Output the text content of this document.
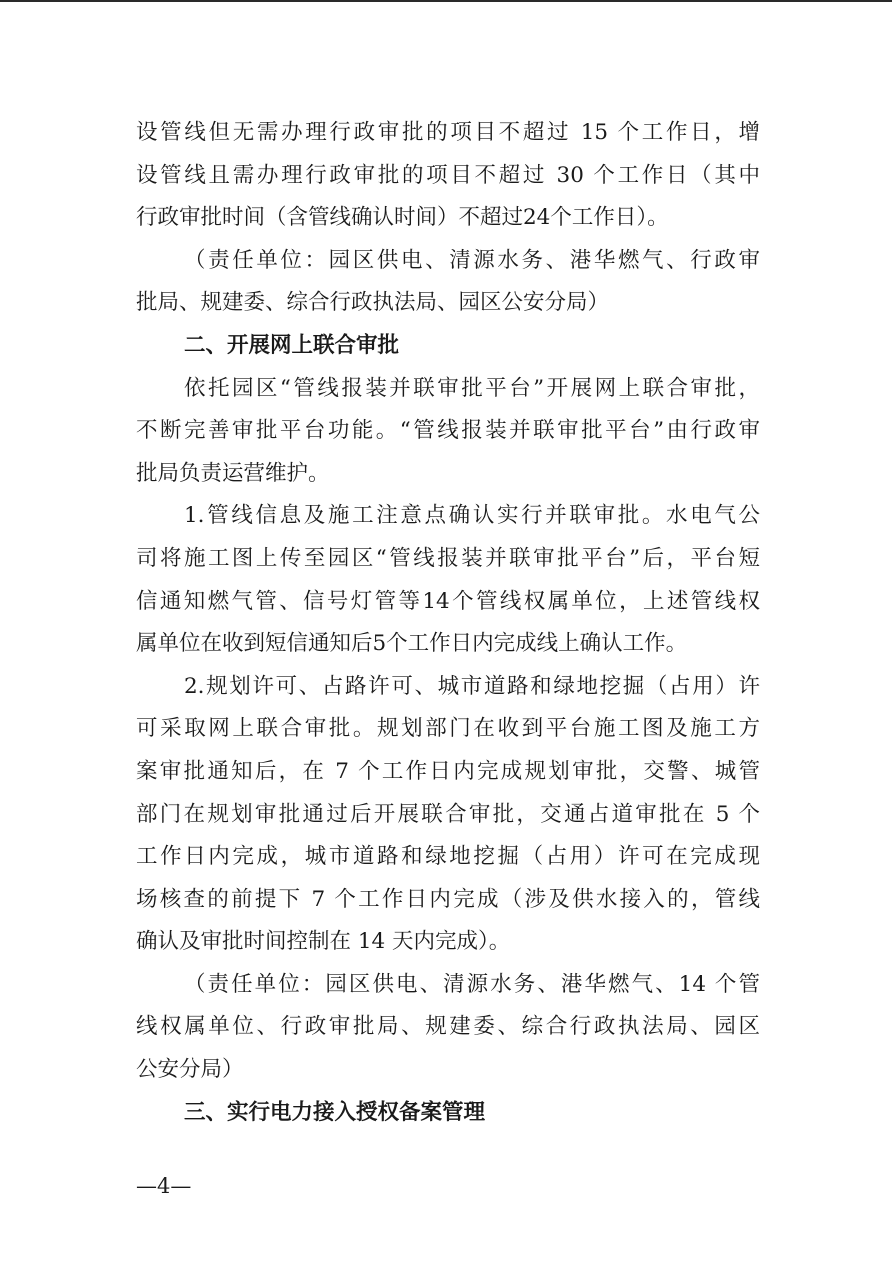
设管线但无需办理行政审批的项目不超过 15 个工作日，增
设管线且需办理行政审批的项目不超过 30 个工作日（其中
行政审批时间（含管线确认时间）不超过24个工作日）。
（责任单位：园区供电、清源水务、港华燃气、行政审
批局、规建委、综合行政执法局、园区公安分局）
二、开展网上联合审批
依托园区“管线报装并联审批平台”开展网上联合审批，
不断完善审批平台功能。“管线报装并联审批平台”由行政审
批局负责运营维护。
1.管线信息及施工注意点确认实行并联审批。水电气公
司将施工图上传至园区“管线报装并联审批平台”后，平台短
信通知燃气管、信号灯管等14个管线权属单位，上述管线权
属单位在收到短信通知后5个工作日内完成线上确认工作。
2.规划许可、占路许可、城市道路和绿地挖掘（占用）许
可采取网上联合审批。规划部门在收到平台施工图及施工方
案审批通知后，在 7 个工作日内完成规划审批，交警、城管
部门在规划审批通过后开展联合审批，交通占道审批在 5 个
工作日内完成，城市道路和绿地挖掘（占用）许可在完成现
场核查的前提下 7 个工作日内完成（涉及供水接入的，管线
确认及审批时间控制在 14 天内完成）。
（责任单位：园区供电、清源水务、港华燃气、14 个管
线权属单位、行政审批局、规建委、综合行政执法局、园区
公安分局）
三、实行电力接入授权备案管理
—4—
